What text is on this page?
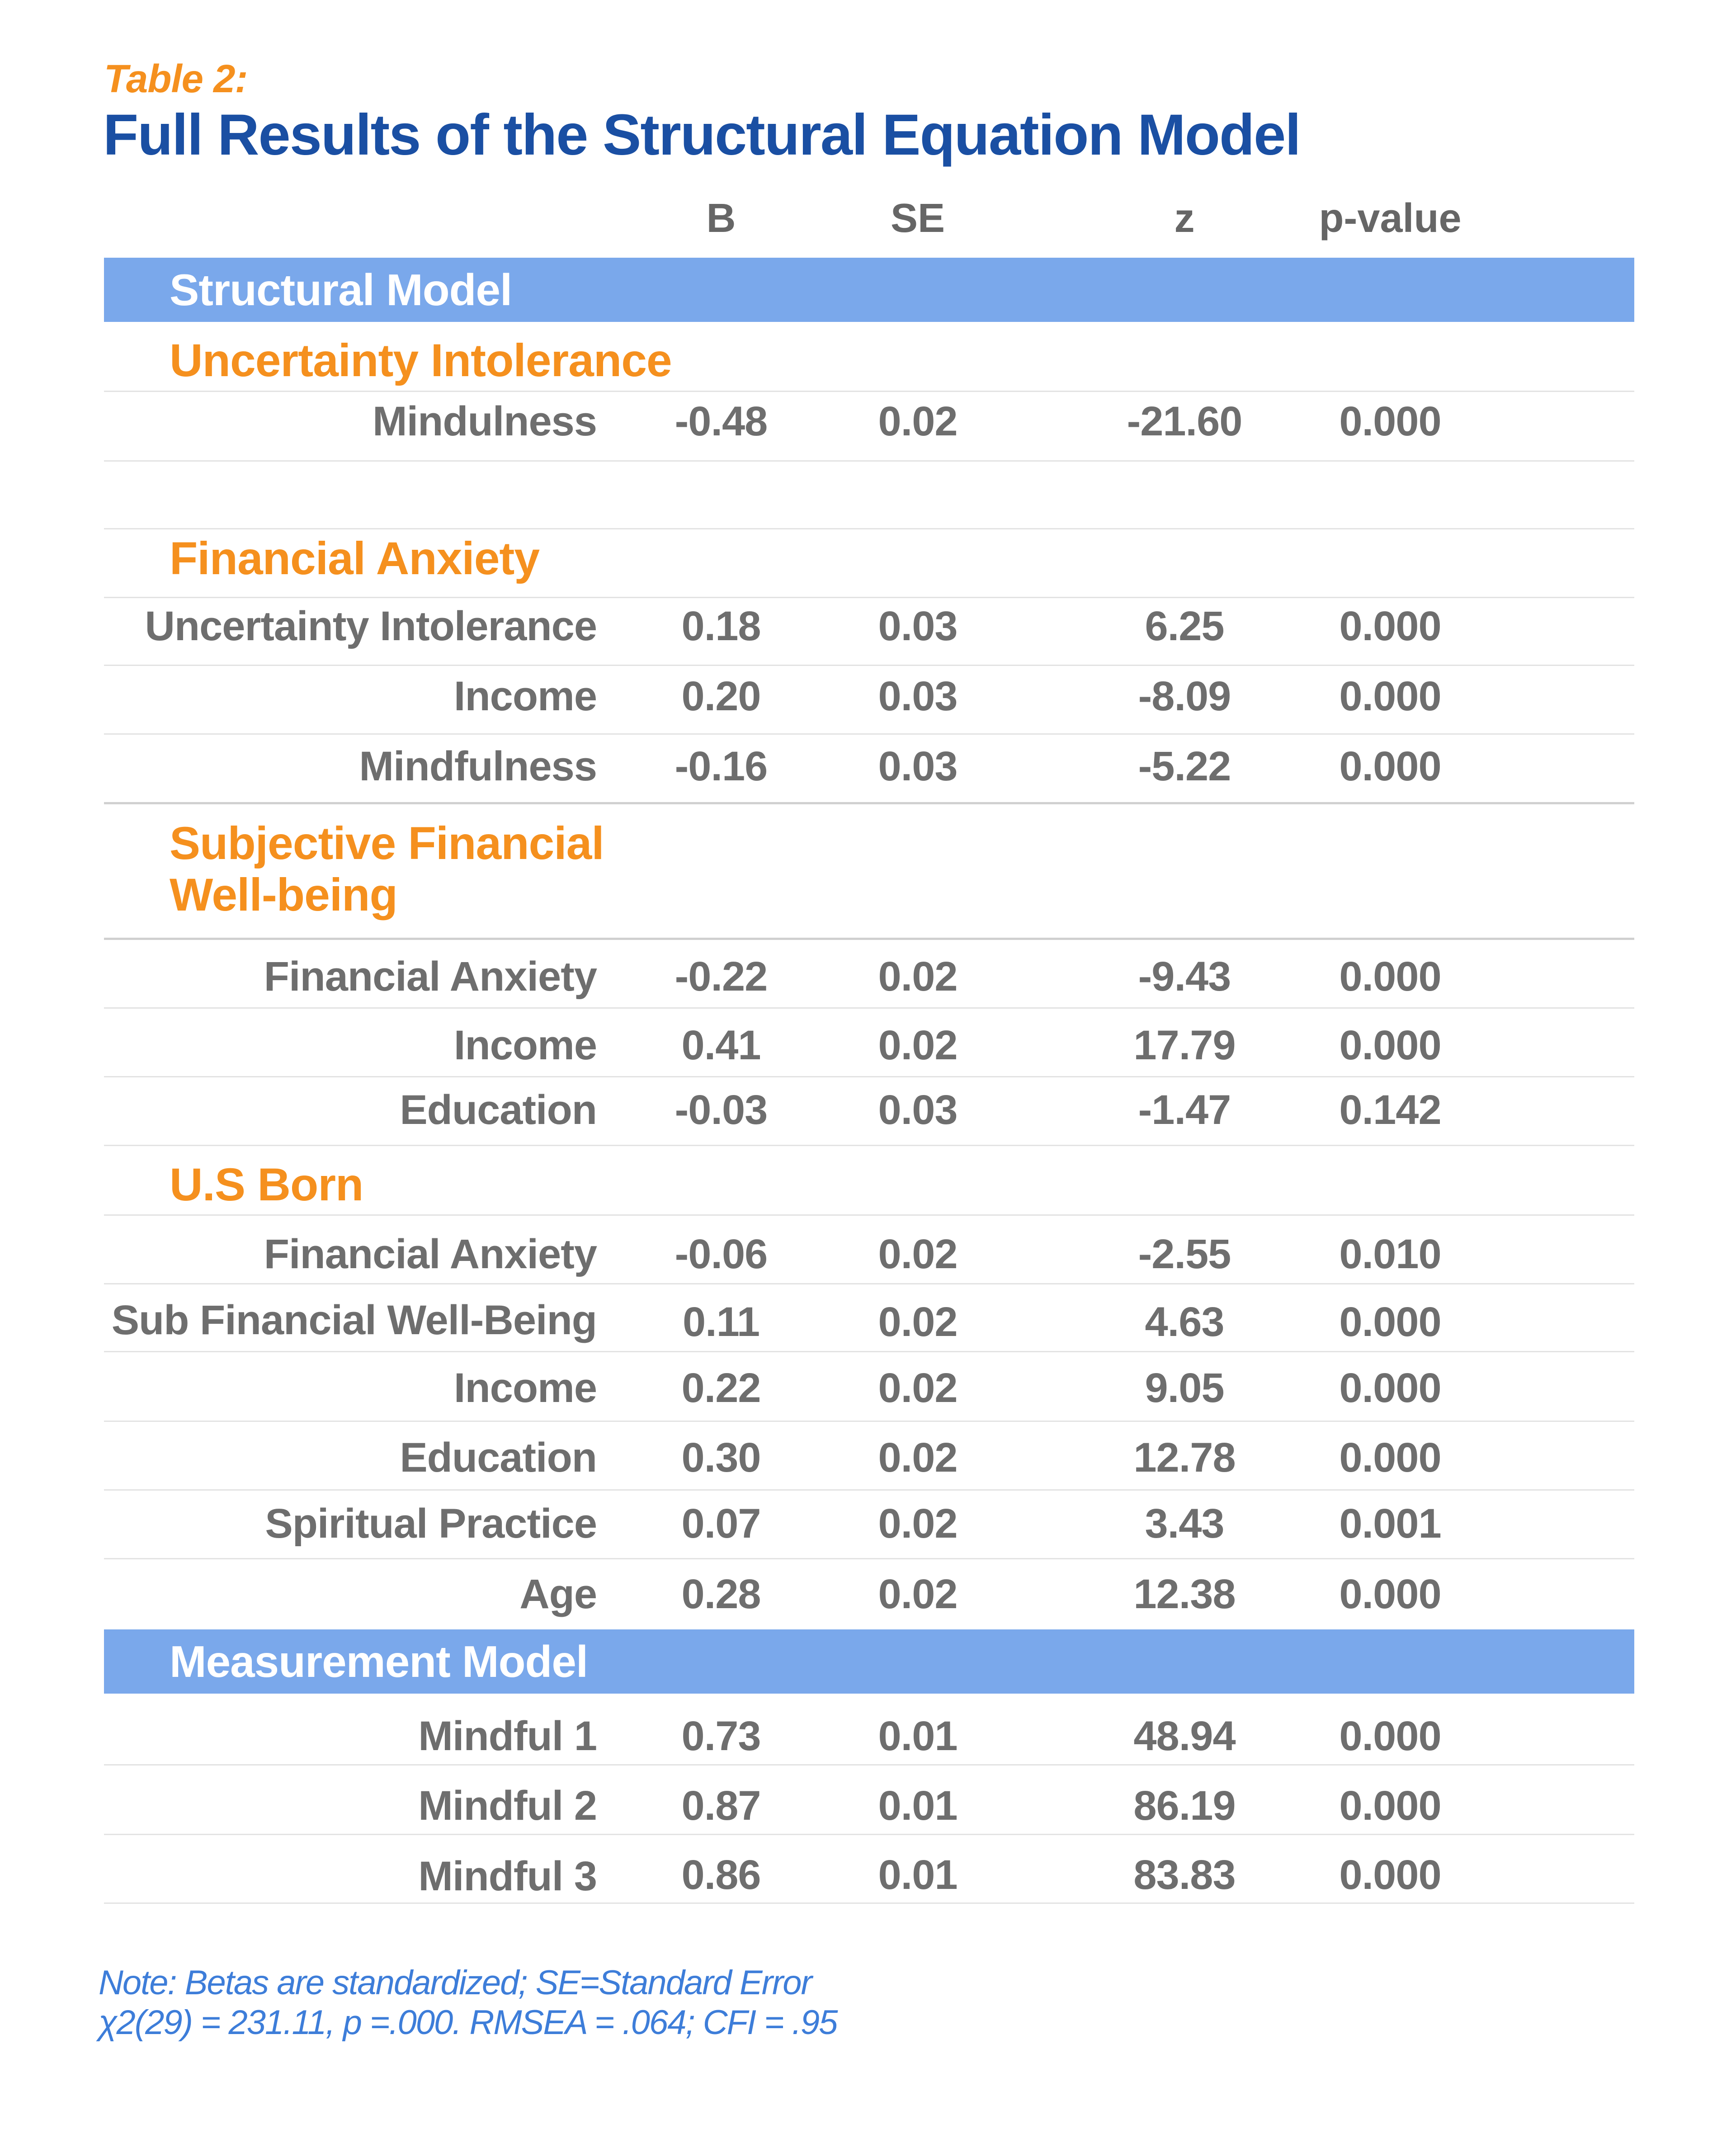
Table 2:
Full Results of the Structural Equation Model
B	SE	z	p-value
Structural Model
Uncertainty Intolerance
Mindulness -0.48	0.02	-21.60 0.000
Financial Anxiety
Uncertainty Intolerance 0.18	0.03	6.25	0.000
Income 0.20	0.03	-8.09	0.000
Mindfulness -0.16	0.03	-5.22	0.000
Subjective Financial
Well-being
Financial Anxiety -0.22	0.02	-9.43	0.000
Income 0.41	0.02	17.79 0.000
Education -0.03	0.03	-1.47	0.142
U.S Born
Financial Anxiety -0.06	0.02	-2.55	0.010
Sub Financial Well-Being 0.11	0.02	4.63	0.000
Income 0.22	0.02	9.05	0.000
Education 0.30	0.02	12.78 0.000
Spiritual Practice 0.07	0.02	3.43	0.001
Age 0.28	0.02	12.38 0.000
Measurement Model
Mindful 1 0.73	0.01	48.94 0.000
Mindful 2 0.87	0.01	86.19 0.000
Mindful 3 0.86	0.01	83.83 0.000
Note: Betas are standardized; SE=Standard Error
χ2(29) = 231.11, p =.000. RMSEA = .064; CFI = .95
